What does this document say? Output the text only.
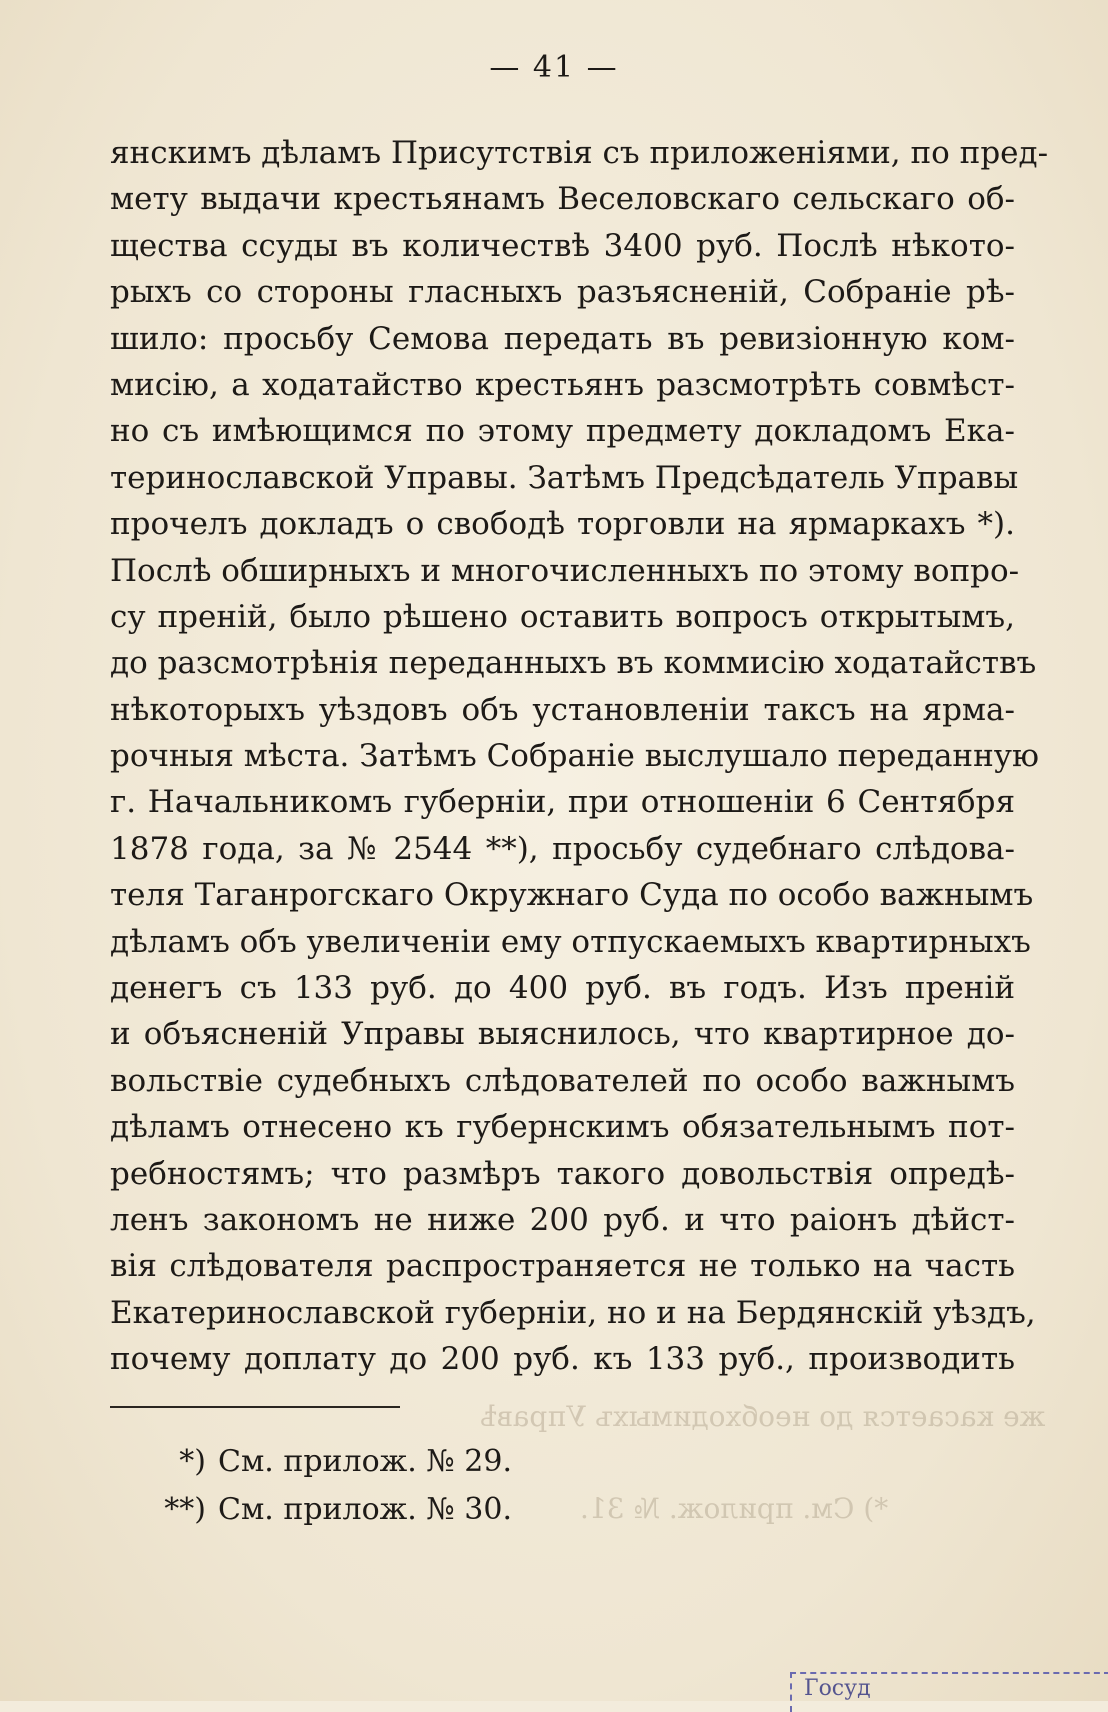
же касается до необходимыхъ Управѣ
*) См. прилож. № 31.
— 41 —
янскимъ дѣламъ Присутствія съ приложеніями, по пред-
мету выдачи крестьянамъ Веселовскаго сельскаго об-
щества ссуды въ количествѣ 3400 руб. Послѣ нѣкото-
рыхъ со стороны гласныхъ разъясненій, Собраніе рѣ-
шило: просьбу Семова передать въ ревизіонную ком-
мисію, а ходатайство крестьянъ разсмотрѣть совмѣст-
но съ имѣющимся по этому предмету докладомъ Ека-
теринославской Управы. Затѣмъ Предсѣдатель Управы
прочелъ докладъ о свободѣ торговли на ярмаркахъ *).
Послѣ обширныхъ и многочисленныхъ по этому вопро-
су преній, было рѣшено оставить вопросъ открытымъ,
до разсмотрѣнія переданныхъ въ коммисію ходатайствъ
нѣкоторыхъ уѣздовъ объ установленіи таксъ на ярма-
рочныя мѣста. Затѣмъ Собраніе выслушало переданную
г. Начальникомъ губерніи, при отношеніи 6 Сентября
1878 года, за № 2544 **), просьбу судебнаго слѣдова-
теля Таганрогскаго Окружнаго Суда по особо важнымъ
дѣламъ объ увеличеніи ему отпускаемыхъ квартирныхъ
денегъ съ 133 руб. до 400 руб. въ годъ. Изъ преній
и объясненій Управы выяснилось, что квартирное до-
вольствіе судебныхъ слѣдователей по особо важнымъ
дѣламъ отнесено къ губернскимъ обязательнымъ пот-
ребностямъ; что размѣръ такого довольствія опредѣ-
ленъ закономъ не ниже 200 руб. и что раіонъ дѣйст-
вія слѣдователя распространяется не только на часть
Екатеринославской губерніи, но и на Бердянскій уѣздъ,
почему доплату до 200 руб. къ 133 руб., производить
*) См. прилож. № 29.
**) См. прилож. № 30.
Госуд
